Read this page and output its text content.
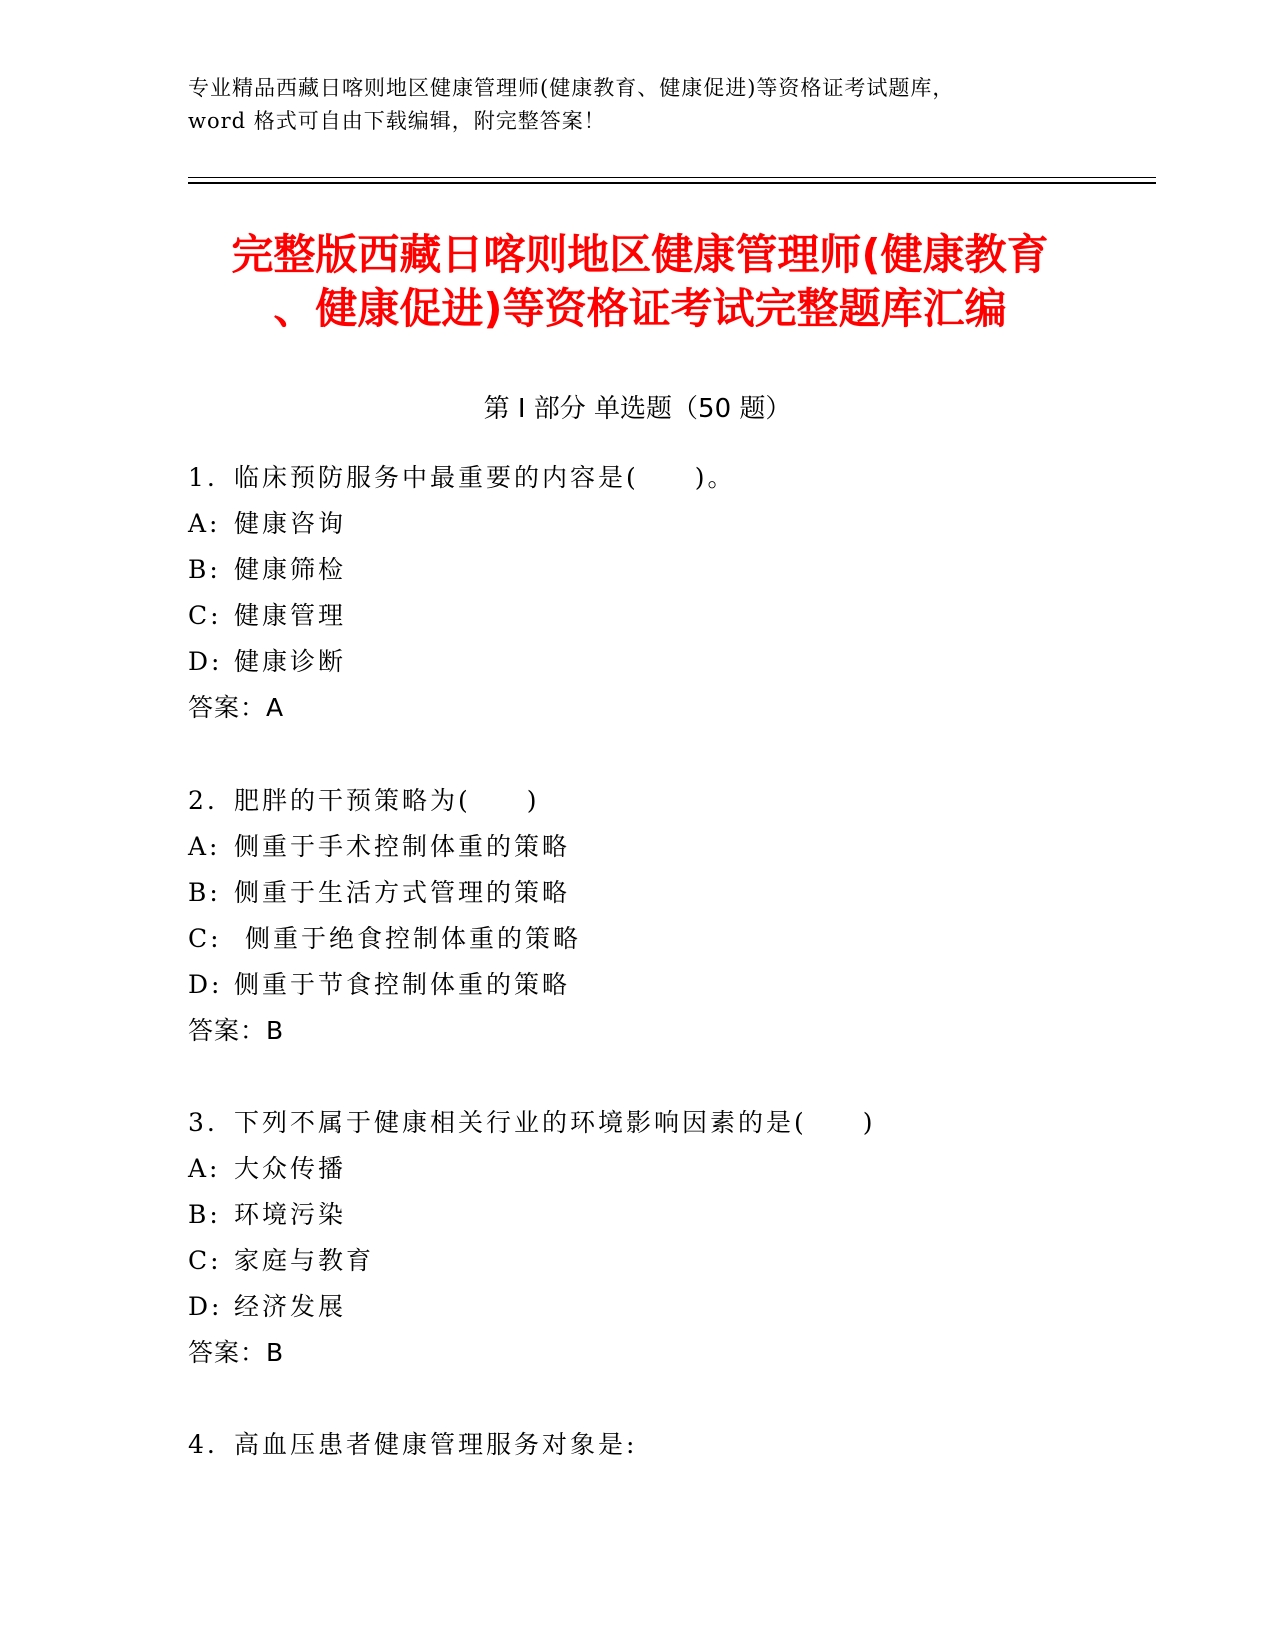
专业精品西藏日喀则地区健康管理师(健康教育、健康促进)等资格证考试题库，
word 格式可自由下载编辑，附完整答案！
完整版西藏日喀则地区健康管理师(健康教育
、健康促进)等资格证考试完整题库汇编
第 I 部分 单选题（50 题）
1. 临床预防服务中最重要的内容是(　　)。
A: 健康咨询
B: 健康筛检
C: 健康管理
D: 健康诊断
答案：A
2. 肥胖的干预策略为(　　)
A: 侧重于手术控制体重的策略
B: 侧重于生活方式管理的策略
C: 侧重于绝食控制体重的策略
D: 侧重于节食控制体重的策略
答案：B
3. 下列不属于健康相关行业的环境影响因素的是(　　)
A: 大众传播
B: 环境污染
C: 家庭与教育
D: 经济发展
答案：B
4. 高血压患者健康管理服务对象是:
